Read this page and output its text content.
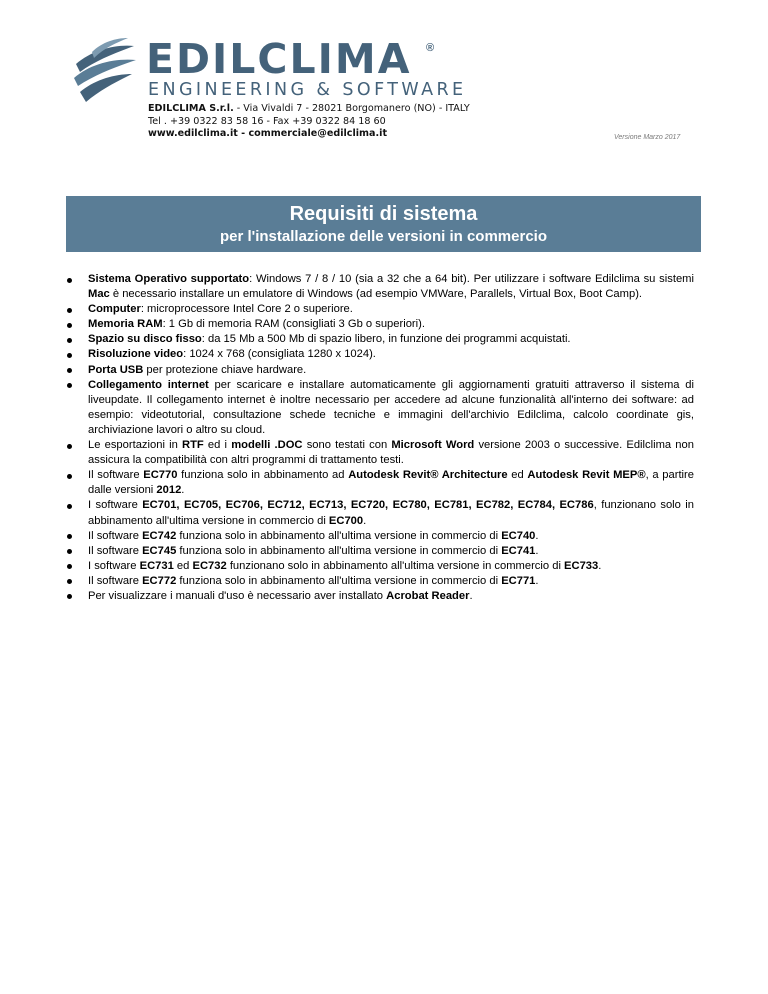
EDILCLIMA ®
ENGINEERING & SOFTWARE
EDILCLIMA S.r.l. - Via Vivaldi 7 - 28021 Borgomanero (NO) - ITALY
Tel . +39 0322 83 58 16 - Fax +39 0322 84 18 60
www.edilclima.it - commerciale@edilclima.it	Versione Marzo 2017
Requisiti di sistema
per l'installazione delle versioni in commercio
Sistema Operativo supportato: Windows 7 / 8 / 10 (sia a 32 che a 64 bit). Per utilizzare i software Edilclima su sistemi Mac è necessario installare un emulatore di Windows (ad esempio VMWare, Parallels, Virtual Box, Boot Camp).
Computer: microprocessore Intel Core 2 o superiore.
Memoria RAM: 1 Gb di memoria RAM (consigliati 3 Gb o superiori).
Spazio su disco fisso: da 15 Mb a 500 Mb di spazio libero, in funzione dei programmi acquistati.
Risoluzione video: 1024 x 768 (consigliata 1280 x 1024).
Porta USB per protezione chiave hardware.
Collegamento internet per scaricare e installare automaticamente gli aggiornamenti gratuiti attraverso il sistema di liveupdate. Il collegamento internet è inoltre necessario per accedere ad alcune funzionalità all'interno dei software: ad esempio: videotutorial, consultazione schede tecniche e immagini dell'archivio Edilclima, calcolo coordinate gis, archiviazione lavori o altro su cloud.
Le esportazioni in RTF ed i modelli .DOC sono testati con Microsoft Word versione 2003 o successive. Edilclima non assicura la compatibilità con altri programmi di trattamento testi.
Il software EC770 funziona solo in abbinamento ad Autodesk Revit® Architecture ed Autodesk Revit MEP®, a partire dalle versioni 2012.
I software EC701, EC705, EC706, EC712, EC713, EC720, EC780, EC781, EC782, EC784, EC786, funzionano solo in abbinamento all'ultima versione in commercio di EC700.
Il software EC742 funziona solo in abbinamento all'ultima versione in commercio di EC740.
Il software EC745 funziona solo in abbinamento all'ultima versione in commercio di EC741.
I software EC731 ed EC732 funzionano solo in abbinamento all'ultima versione in commercio di EC733.
Il software EC772 funziona solo in abbinamento all'ultima versione in commercio di EC771.
Per visualizzare i manuali d'uso è necessario aver installato Acrobat Reader.
